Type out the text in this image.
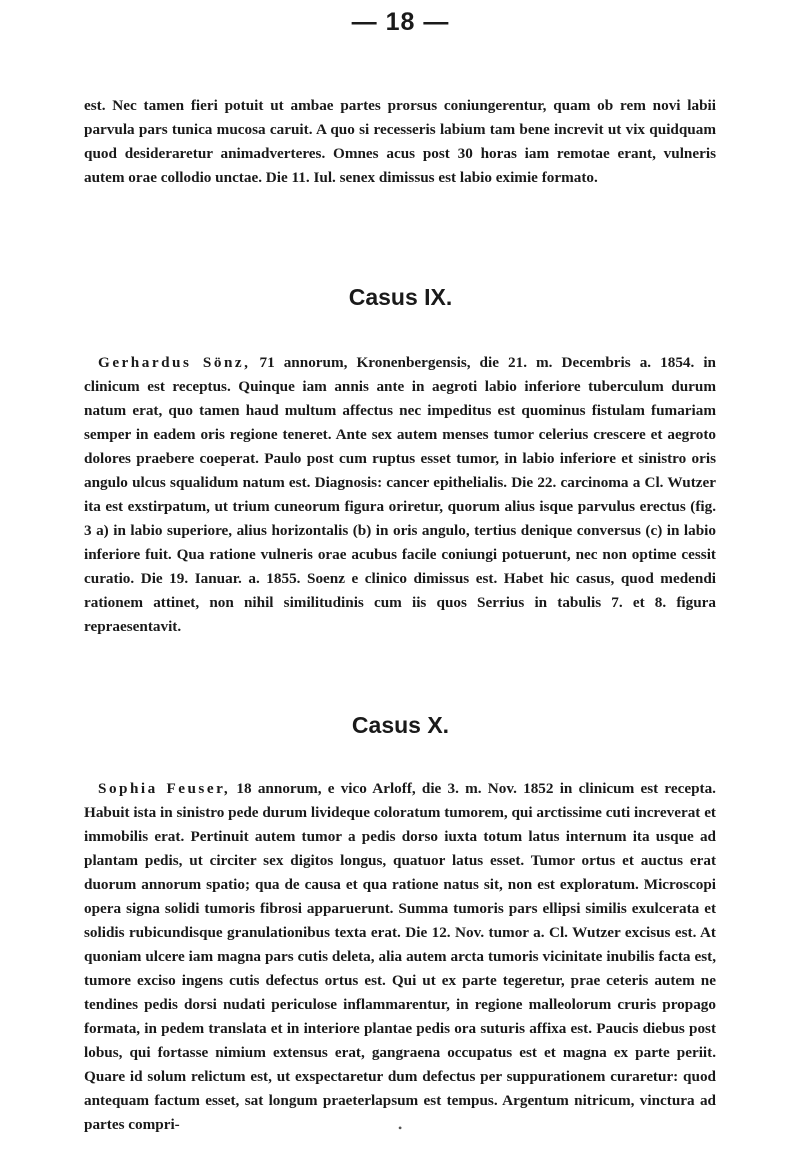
— 18 —

est. Nec tamen fieri potuit ut ambae partes prorsus coniungerentur, quam ob rem novi labii parvula pars tunica mucosa caruit. A quo si recesseris labium tam bene increvit ut vix quidquam quod desideraretur animadverteres. Omnes acus post 30 horas iam remotae erant, vulneris autem orae collodio unctae. Die 11. Iul. senex dimissus est labio eximie formato.

Casus IX.

Gerhardus Sönz, 71 annorum, Kronenbergensis, die 21. m. Decembris a. 1854. in clinicum est receptus. Quinque iam annis ante in aegroti labio inferiore tuberculum durum natum erat, quo tamen haud multum affectus nec impeditus est quominus fistulam fumariam semper in eadem oris regione teneret. Ante sex autem menses tumor celerius crescere et aegroto dolores praebere coeperat. Paulo post cum ruptus esset tumor, in labio inferiore et sinistro oris angulo ulcus squalidum natum est. Diagnosis: cancer epithelialis. Die 22. carcinoma a Cl. Wutzer ita est exstirpatum, ut trium cuneorum figura oriretur, quorum alius isque parvulus erectus (fig. 3 a) in labio superiore, alius horizontalis (b) in oris angulo, tertius denique conversus (c) in labio inferiore fuit. Qua ratione vulneris orae acubus facile coniungi potuerunt, nec non optime cessit curatio. Die 19. Ianuar. a. 1855. Soenz e clinico dimissus est. Habet hic casus, quod medendi rationem attinet, non nihil similitudinis cum iis quos Serrius in tabulis 7. et 8. figura repraesentavit.

Casus X.

Sophia Feuser, 18 annorum, e vico Arloff, die 3. m. Nov. 1852 in clinicum est recepta. Habuit ista in sinistro pede durum livideque coloratum tumorem, qui arctissime cuti increverat et immobilis erat. Pertinuit autem tumor a pedis dorso iuxta totum latus internum ita usque ad plantam pedis, ut circiter sex digitos longus, quatuor latus esset. Tumor ortus et auctus erat duorum annorum spatio; qua de causa et qua ratione natus sit, non est exploratum. Microscopi opera signa solidi tumoris fibrosi apparuerunt. Summa tumoris pars ellipsi similis exulcerata et solidis rubicundisque granulationibus texta erat. Die 12. Nov. tumor a. Cl. Wutzer excisus est. At quoniam ulcere iam magna pars cutis deleta, alia autem arcta tumoris vicinitate inubilis facta est, tumore exciso ingens cutis defectus ortus est. Qui ut ex parte tegeretur, prae ceteris autem ne tendines pedis dorsi nudati periculose inflammarentur, in regione malleolorum cruris propago formata, in pedem translata et in interiore plantae pedis ora suturis affixa est. Paucis diebus post lobus, qui fortasse nimium extensus erat, gangraena occupatus est et magna ex parte periit. Quare id solum relictum est, ut exspectaretur dum defectus per suppurationem curaretur: quod antequam factum esset, sat longum praeterlapsum est tempus. Argentum nitricum, vinctura ad partes compri-	•
